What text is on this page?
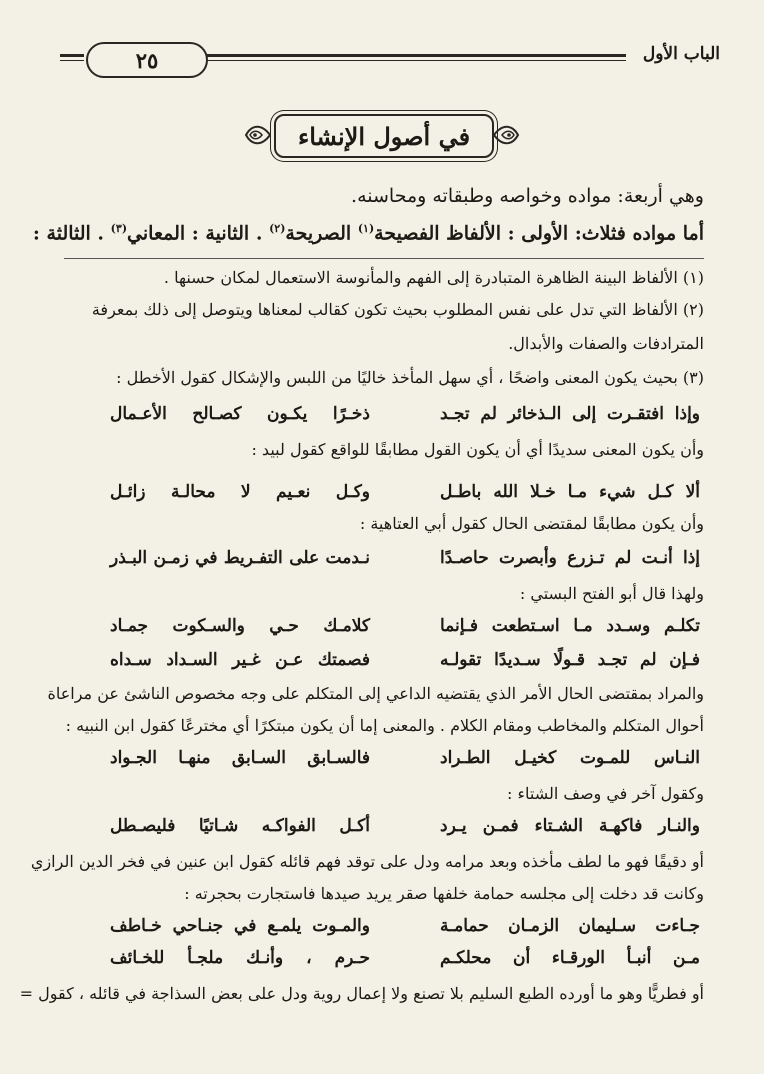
٢٥	الباب الأول
في أصول الإنشاء
وهي أربعة: مواده وخواصه وطبقاته ومحاسنه.
أما مواده فثلاث: الأولى : الألفاظ الفصيحة$^{(١)}$ الصريحة$^{(٢)}$ . الثانية : المعاني$^{(٣)}$ . الثالثة :
(١) الألفاظ البينة الظاهرة المتبادرة إلى الفهم والمأنوسة الاستعمال لمكان حسنها .
(٢) الألفاظ التي تدل على نفس المطلوب بحيث تكون كقالب لمعناها ويتوصل إلى ذلك بمعرفة
المترادفات والصفات والأبدال.
(٣) بحيث يكون المعنى واضحًا ، أي سهل المأخذ خاليًا من اللبس والإشكال كقول الأخطل :
وإذا افتقـرت إلى الـذخائر لم تجـد
ذخـرًا يكـون كصـالح الأعـمال
وأن يكون المعنى سديدًا أي أن يكون القول مطابقًا للواقع كقول لبيد :
ألا كـل شيء مـا خـلا الله باطـل
وكـل نعـيم لا محالـة زائـل
وأن يكون مطابقًا لمقتضى الحال كقول أبي العتاهية :
إذا أنـت لم تـزرع وأبصرت حاصـدًا
نـدمت على التفـريط في زمـن البـذر
ولهذا قال أبو الفتح البستي :
تكلـم وسـدد مـا اسـتطعت فـإنما
كلامـك حـي والسـكوت جمـاد
فـإن لم تجـد قـولًا سـديدًا تقولـه
فصمتك عـن غـير السـداد سـداه
والمراد بمقتضى الحال الأمر الذي يقتضيه الداعي إلى المتكلم على وجه مخصوص الناشئ عن مراعاة
أحوال المتكلم والمخاطب ومقام الكلام . والمعنى إما أن يكون مبتكرًا أي مخترعًا كقول ابن النبيه :
النـاس للمـوت كخيـل الطـراد
فالسـابق السـابق منهـا الجـواد
وكقول آخر في وصف الشتاء :
والنـار فاكهـة الشـتاء فمـن يـرد
أكـل الفواكـه شـاتيًا فليصـطل
أو دقيقًا فهو ما لطف مأخذه وبعد مرامه ودل على توقد فهم قائله كقول ابن عنين في فخر الدين الرازي
وكانت قد دخلت إلى مجلسه حمامة خلفها صقر يريد صيدها فاستجارت بحجرته :
جـاءت سـليمان الزمـان حمامـة
والمـوت يلمـع في جنـاحي خـاطف
مـن أنبـأ الورقـاء أن محلكـم
حـرم ، وأنـك ملجـأ للخـائف
أو فطريًّا وهو ما أورده الطبع السليم بلا تصنع ولا إعمال روية ودل على بعض السذاجة في قائله ، كقول =
